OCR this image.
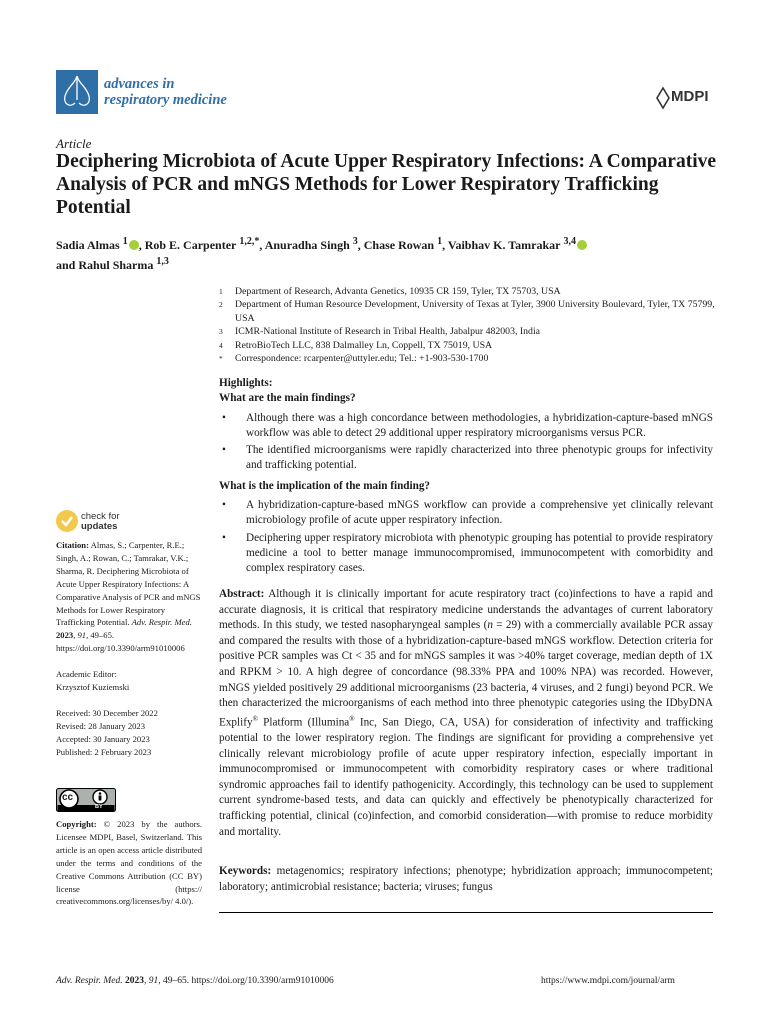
advances in
respiratory medicine	MDPI
Article
Deciphering Microbiota of Acute Upper Respiratory Infections: A Comparative Analysis of PCR and mNGS Methods for Lower Respiratory Trafficking Potential
Sadia Almas $^1$ , Rob E. Carpenter $^{1,2,*}$, Anuradha Singh $^3$, Chase Rowan $^1$, Vaibhav K. Tamrakar $^{3,4}$
and Rahul Sharma $^{1,3}$
1	Department of Research, Advanta Genetics, 10935 CR 159, Tyler, TX 75703, USA
2	Department of Human Resource Development, University of Texas at Tyler, 3900 University Boulevard, Tyler, TX 75799, USA
3	ICMR-National Institute of Research in Tribal Health, Jabalpur 482003, India
4	RetroBioTech LLC, 838 Dalmalley Ln, Coppell, TX 75019, USA
*	Correspondence: rcarpenter@uttyler.edu; Tel.: +1-903-530-1700

Highlights:

What are the main findings?

• Although there was a high concordance between methodologies, a hybridization-capture-based mNGS workflow was able to detect 29 additional upper respiratory microorganisms versus PCR.
• The identified microorganisms were rapidly characterized into three phenotypic groups for infectivity and trafficking potential.

What is the implication of the main finding?

• A hybridization-capture-based mNGS workflow can provide a comprehensive yet clinically relevant microbiology profile of acute upper respiratory infection.
• Deciphering upper respiratory microbiota with phenotypic grouping has potential to provide respiratory medicine a tool to better manage immunocompromised, immunocompetent with comorbidity and complex respiratory cases.
Abstract: Although it is clinically important for acute respiratory tract (co)infections to have a rapid and accurate diagnosis, it is critical that respiratory medicine understands the advantages of current laboratory methods. In this study, we tested nasopharyngeal samples (n = 29) with a commercially available PCR assay and compared the results with those of a hybridization-capture-based mNGS workflow. Detection criteria for positive PCR samples was Ct < 35 and for mNGS samples it was >40% target coverage, median depth of 1X and RPKM > 10. A high degree of concordance (98.33% PPA and 100% NPA) was recorded. However, mNGS yielded positively 29 additional microorganisms (23 bacteria, 4 viruses, and 2 fungi) beyond PCR. We then characterized the microorganisms of each method into three phenotypic categories using the IDbyDNA Explify® Platform (Illumina® Inc, San Diego, CA, USA) for consideration of infectivity and trafficking potential to the lower respiratory region. The findings are significant for providing a comprehensive yet clinically relevant microbiology profile of acute upper respiratory infection, especially important in immunocompromised or immunocompetent with comorbidity respiratory cases or where traditional syndromic approaches fail to identify pathogenicity. Accordingly, this technology can be used to supplement current syndrome-based tests, and data can quickly and effectively be phenotypically characterized for trafficking potential, clinical (co)infection, and comorbid consideration—with promise to reduce morbidity and mortality.
Keywords: metagenomics; respiratory infections; phenotype; hybridization approach; immunocompetent; laboratory; antimicrobial resistance; bacteria; viruses; fungus
check for
updates

Citation: Almas, S.; Carpenter, R.E.; Singh, A.; Rowan, C.; Tamrakar, V.K.; Sharma, R. Deciphering Microbiota of Acute Upper Respiratory Infections: A Comparative Analysis of PCR and mNGS Methods for Lower Respiratory Trafficking Potential. Adv. Respir. Med. 2023, 91, 49–65. https://doi.org/10.3390/arm91010006

Academic Editor:

Krzysztof Kuziemski

Received: 30 December 2022

Revised: 28 January 2023

Accepted: 30 January 2023

Published: 2 February 2023

cc
BY
Copyright: © 2023 by the authors. Licensee MDPI, Basel, Switzerland. This article is an open access article distributed under the terms and conditions of the Creative Commons Attribution (CC BY) license (https:// creativecommons.org/licenses/by/ 4.0/).
Adv. Respir. Med. 2023, 91, 49–65. https://doi.org/10.3390/arm91010006	https://www.mdpi.com/journal/arm
